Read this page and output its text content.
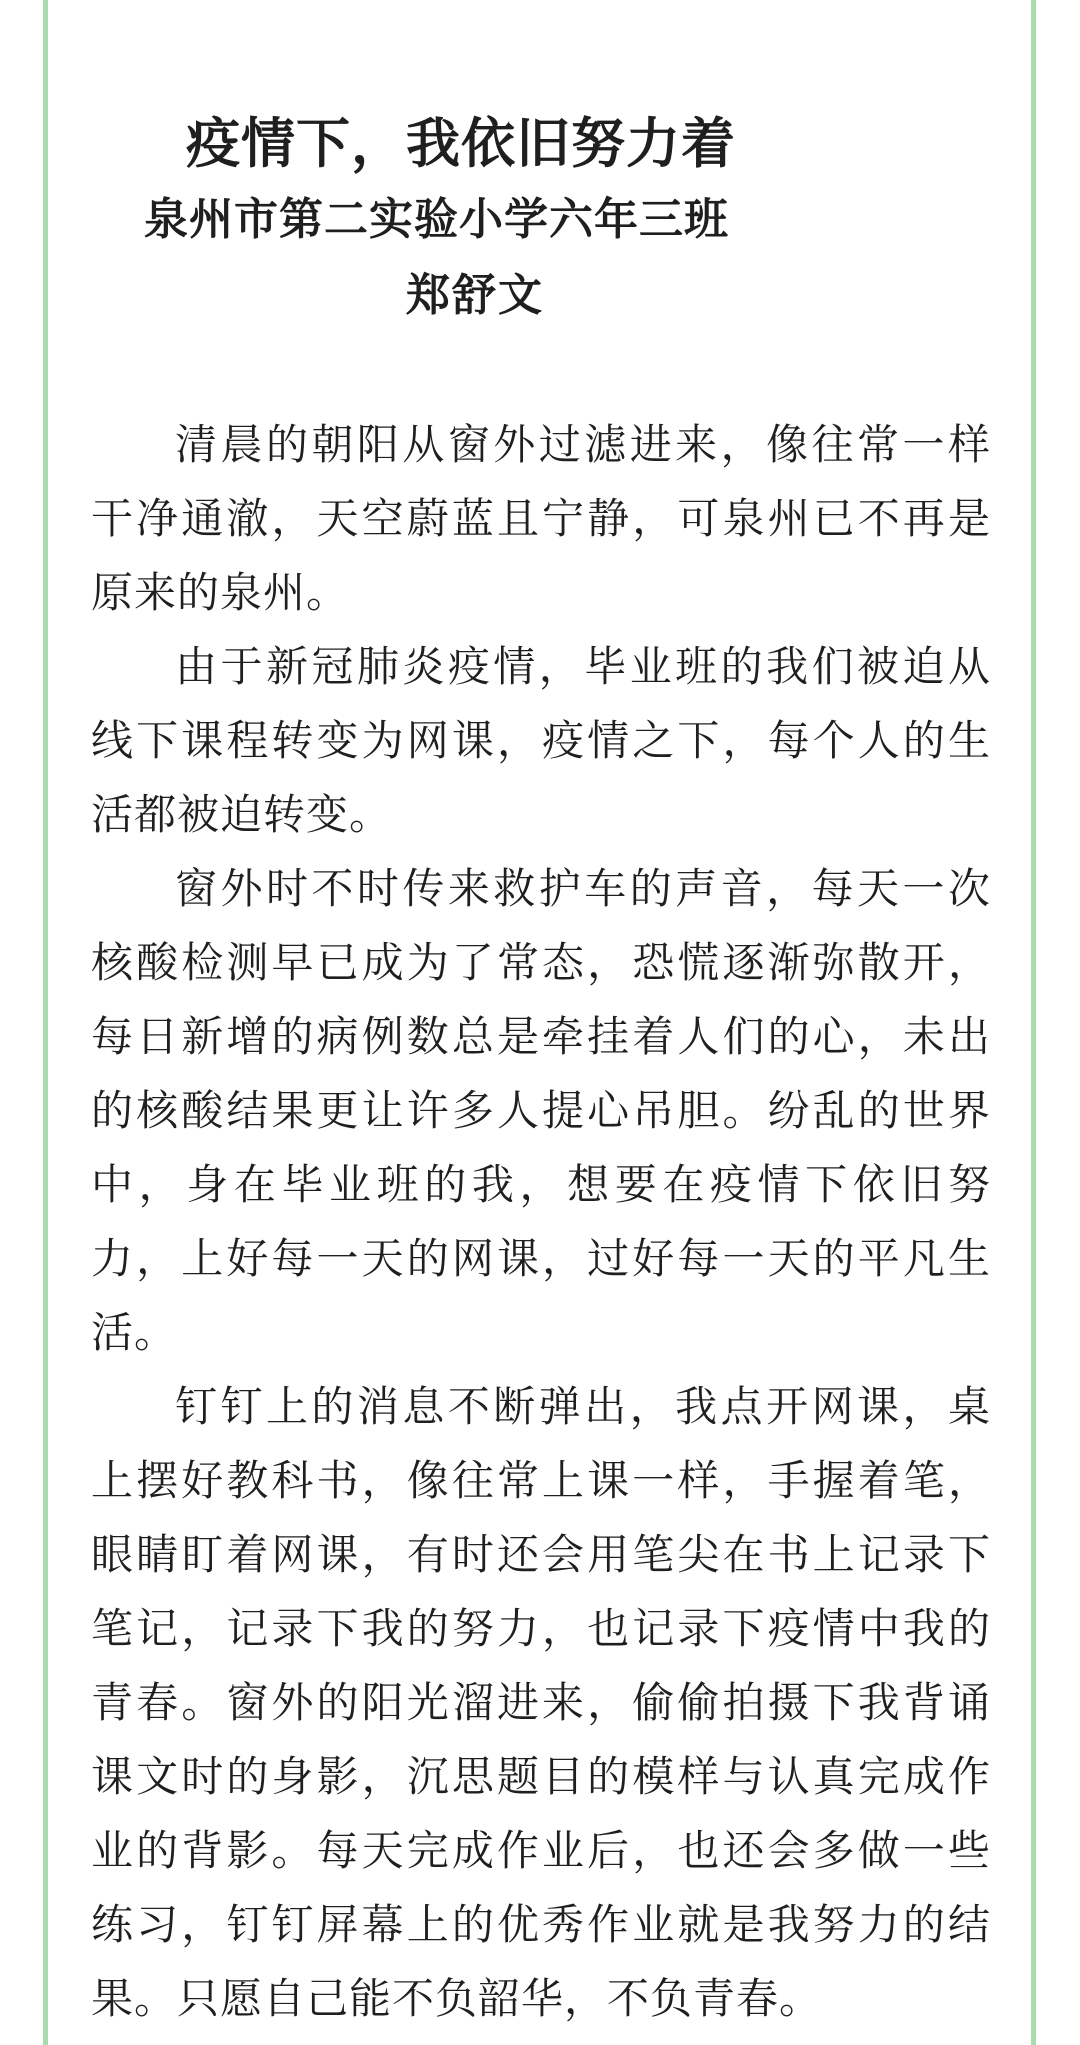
疫情下，我依旧努力着
泉州市第二实验小学六年三班
郑舒文

清晨的朝阳从窗外过滤进来，像往常一样干净通澈，天空蔚蓝且宁静，可泉州已不再是原来的泉州。

由于新冠肺炎疫情，毕业班的我们被迫从线下课程转变为网课，疫情之下，每个人的生活都被迫转变。

窗外时不时传来救护车的声音，每天一次核酸检测早已成为了常态，恐慌逐渐弥散开，每日新增的病例数总是牵挂着人们的心，未出的核酸结果更让许多人提心吊胆。纷乱的世界中，身在毕业班的我，想要在疫情下依旧努力，上好每一天的网课，过好每一天的平凡生活。

钉钉上的消息不断弹出，我点开网课，桌上摆好教科书，像往常上课一样，手握着笔，眼睛盯着网课，有时还会用笔尖在书上记录下笔记，记录下我的努力，也记录下疫情中我的青春。窗外的阳光溜进来，偷偷拍摄下我背诵课文时的身影，沉思题目的模样与认真完成作业的背影。每天完成作业后，也还会多做一些练习，钉钉屏幕上的优秀作业就是我努力的结果。只愿自己能不负韶华，不负青春。
